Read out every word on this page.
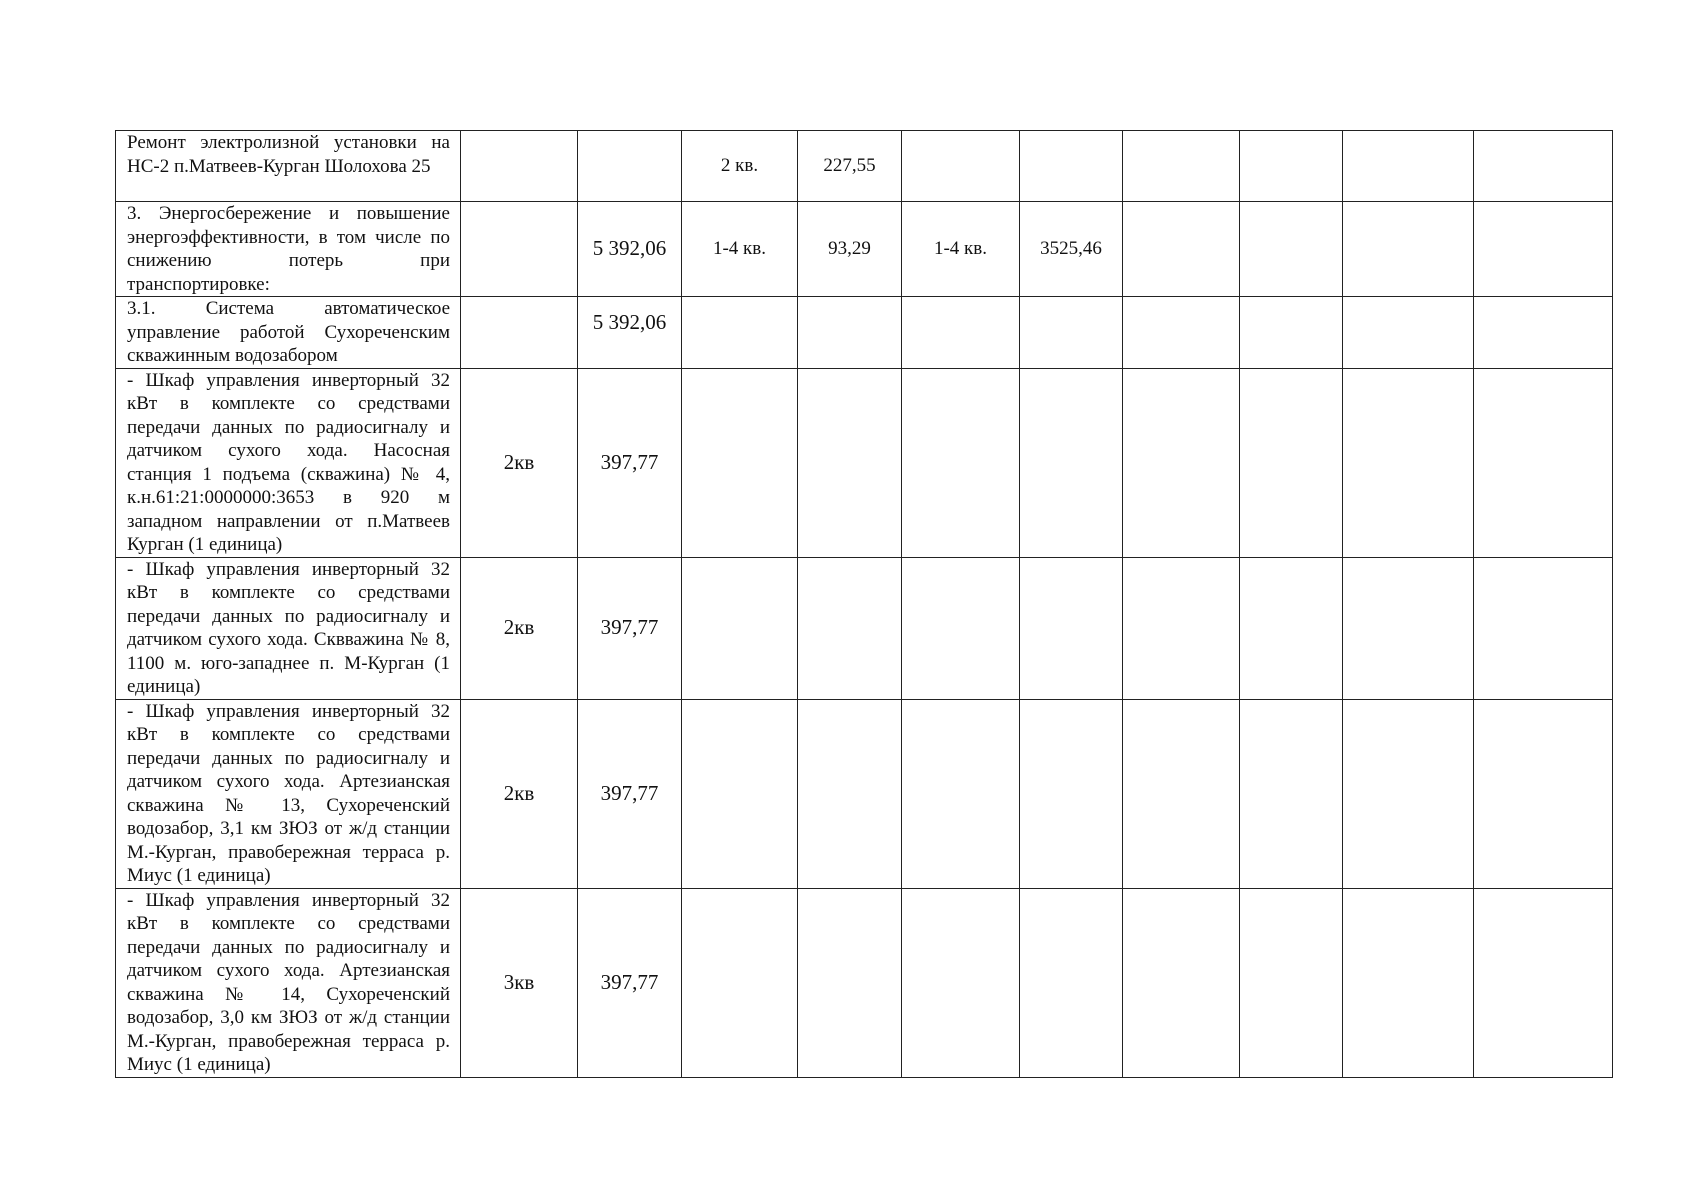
Ремонт электролизной установки на НС-2 п.Матвеев-Курган Шолохова 25			2 кв.	227,55						
3. Энергосбережение и повышение энергоэффективности, в том числе по снижению потерь при транспортировке:		5 392,06	1-4 кв.	93,29	1-4 кв.	3525,46				
3.1. Система автоматическое управление работой Сухореченским скважинным водозабором		5 392,06								
- Шкаф управления инверторный 32 кВт в комплекте со средствами передачи данных по радиосигналу и датчиком сухого хода. Насосная станция 1 подъема (скважина) № 4, к.н.61:21:0000000:3653 в 920 м западном направлении от п.Матвеев Курган (1 единица)	2кв	397,77								
- Шкаф управления инверторный 32 кВт в комплекте со средствами передачи данных по радиосигналу и датчиком сухого хода. Сквважина № 8, 1100 м. юго-западнее п. М-Курган (1 единица)	2кв	397,77								
- Шкаф управления инверторный 32 кВт в комплекте со средствами передачи данных по радиосигналу и датчиком сухого хода. Артезианская скважина № 13, Сухореченский водозабор, 3,1 км ЗЮЗ от ж/д станции М.-Курган, правобережная терраса р. Миус (1 единица)	2кв	397,77								
- Шкаф управления инверторный 32 кВт в комплекте со средствами передачи данных по радиосигналу и датчиком сухого хода. Артезианская скважина № 14, Сухореченский водозабор, 3,0 км ЗЮЗ от ж/д станции М.-Курган, правобережная терраса р. Миус (1 единица)	3кв	397,77								
